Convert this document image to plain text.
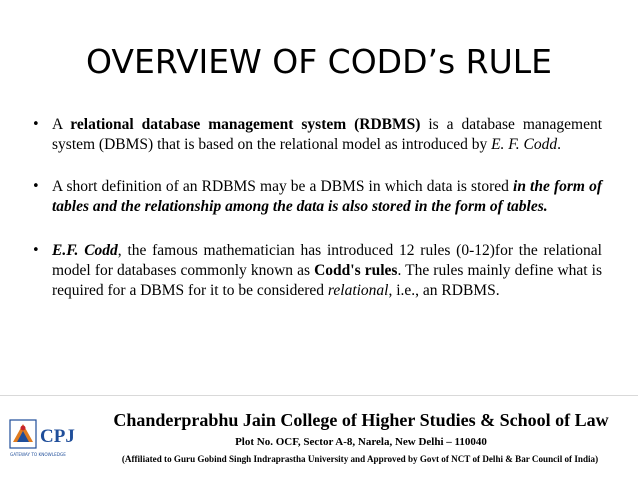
OVERVIEW OF CODD’s RULE
• A relational database management system (RDBMS) is a database management system (DBMS) that is based on the relational model as introduced by E. F. Codd.
• A short definition of an RDBMS may be a DBMS in which data is stored in the form of tables and the relationship among the data is also stored in the form of tables.
• E.F. Codd, the famous mathematician has introduced 12 rules (0-12)for the relational model for databases commonly known as Codd's rules. The rules mainly define what is required for a DBMS for it to be considered relational, i.e., an RDBMS.
CPJ
GATEWAY TO KNOWLEDGE
Chanderprabhu Jain College of Higher Studies & School of Law
Plot No. OCF, Sector A-8, Narela, New Delhi – 110040
(Affiliated to Guru Gobind Singh Indraprastha University and Approved by Govt of NCT of Delhi & Bar Council of India)
